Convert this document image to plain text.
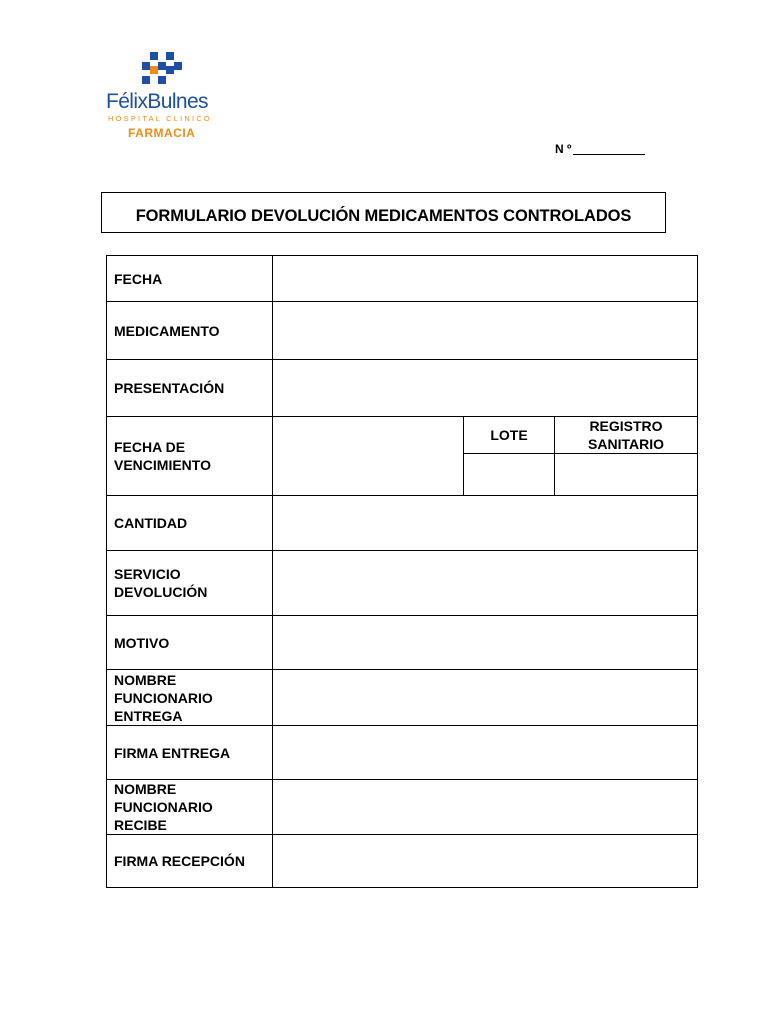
FélixBulnes
HOSPITAL CLINICO
FARMACIA
N º
FORMULARIO DEVOLUCIÓN MEDICAMENTOS CONTROLADOS
FECHA			
MEDICAMENTO			
PRESENTACIÓN			
FECHA DE VENCIMIENTO		LOTE	REGISTRO SANITARIO

CANTIDAD			
SERVICIO DEVOLUCIÓN			
MOTIVO			
NOMBRE FUNCIONARIO ENTREGA			
FIRMA ENTREGA			
NOMBRE FUNCIONARIO RECIBE			
FIRMA RECEPCIÓN			
